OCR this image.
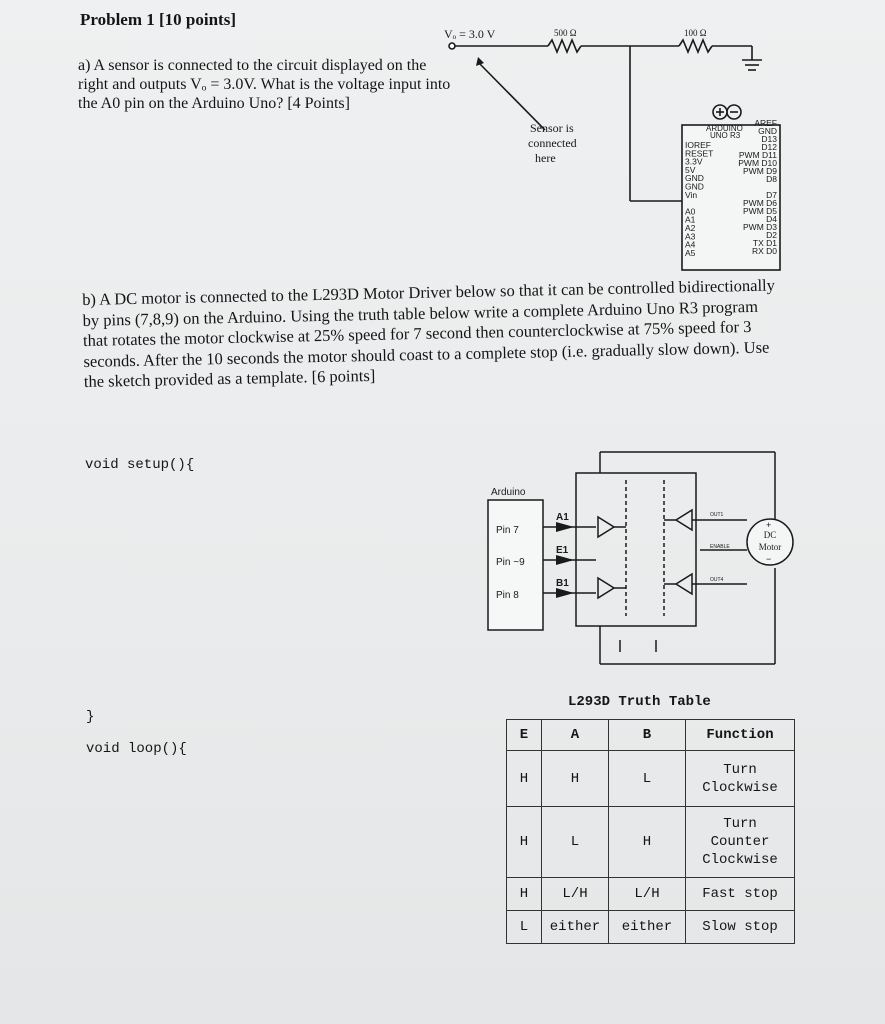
Problem 1 [10 points]
a) A sensor is connected to the circuit displayed on the right and outputs Vₒ = 3.0V. What is the voltage input into the A0 pin on the Arduino Uno? [4 Points]
Vₒ = 3.0 V	500 Ω	100 Ω
Sensor is
connected
here
ARDUINO
UNO R3
IOREF
RESET
3.3V
5V
GND
GND
Vin
A0
A1
A2
A3
A4
A5
AREF
GND
D13
D12
PWM D11
PWM D10
PWM D9
D8
D7
PWM D6
PWM D5
D4
PWM D3
D2
TX D1
RX D0
b) A DC motor is connected to the L293D Motor Driver below so that it can be controlled bidirectionally by pins (7,8,9) on the Arduino. Using the truth table below write a complete Arduino Uno R3 program that rotates the motor clockwise at 25% speed for 7 second then counterclockwise at 75% speed for 3 seconds. After the 10 seconds the motor should coast to a complete stop (i.e. gradually slow down). Use the sketch provided as a template. [6 points]
void setup(){
}
void loop(){
Arduino
Pin 7
Pin ~9
Pin 8
A1
E1
B1
DC
Motor
+
−
OUT1
ENABLE
OUT4
L293D Truth Table
E	A	B	Function
H	H	L	Turn
Clockwise
H	L	H	Turn
Counter
Clockwise
H	L/H	L/H	Fast stop
L	either	either	Slow stop
